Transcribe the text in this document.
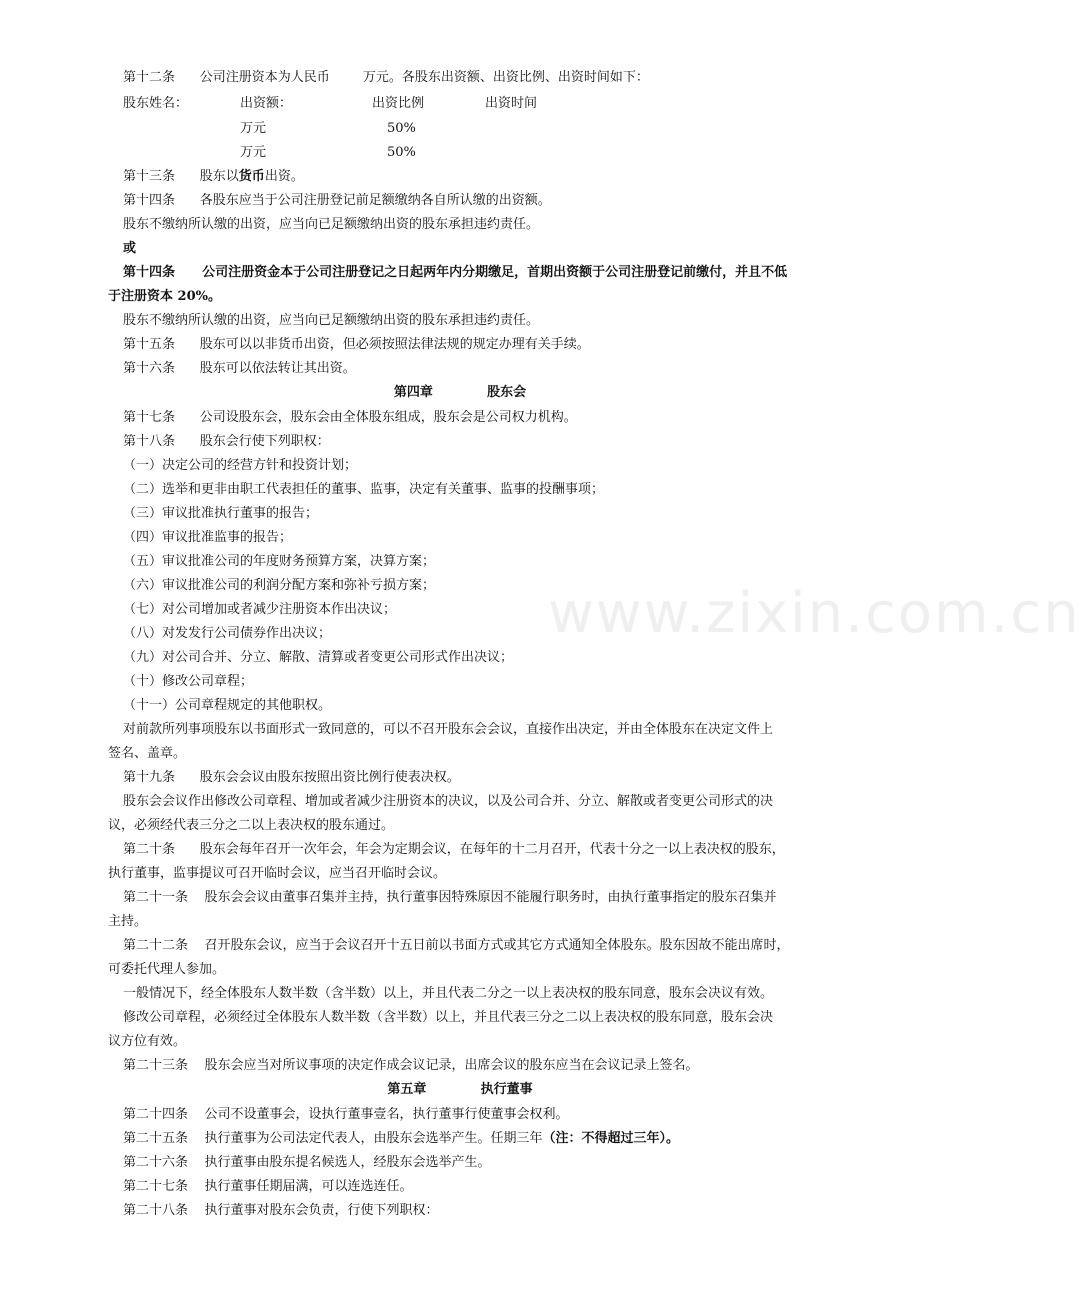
www.zixin.com.cn
第十二条      公司注册资本为人民币        万元。各股东出资额、出资比例、出资时间如下：
股东姓名：	出资额：	出资比例	出资时间
万元	50%
万元	50%
第十三条      股东以货币出资。
第十四条      各股东应当于公司注册登记前足额缴纳各自所认缴的出资额。
股东不缴纳所认缴的出资，应当向已足额缴纳出资的股东承担违约责任。
或
第十四条      公司注册资金本于公司注册登记之日起两年内分期缴足，首期出资额于公司注册登记前缴付，并且不低
于注册资本 20%。
股东不缴纳所认缴的出资，应当向已足额缴纳出资的股东承担违约责任。
第十五条      股东可以以非货币出资，但必须按照法律法规的规定办理有关手续。
第十六条      股东可以依法转让其出资。
第四章            股东会
第十七条      公司设股东会，股东会由全体股东组成，股东会是公司权力机构。
第十八条      股东会行使下列职权：
（一）决定公司的经营方针和投资计划；
（二）选举和更非由职工代表担任的董事、监事，决定有关董事、监事的投酬事项；
（三）审议批准执行董事的报告；
（四）审议批准监事的报告；
（五）审议批准公司的年度财务预算方案，决算方案；
（六）审议批准公司的利润分配方案和弥补亏损方案；
（七）对公司增加或者减少注册资本作出决议；
（八）对发发行公司债券作出决议；
（九）对公司合并、分立、解散、清算或者变更公司形式作出决议；
（十）修改公司章程；
（十一）公司章程规定的其他职权。
对前款所列事项股东以书面形式一致同意的，可以不召开股东会会议，直接作出决定，并由全体股东在决定文件上
签名、盖章。
第十九条      股东会会议由股东按照出资比例行使表决权。
股东会会议作出修改公司章程、增加或者减少注册资本的决议，以及公司合并、分立、解散或者变更公司形式的决
议，必须经代表三分之二以上表决权的股东通过。
第二十条      股东会每年召开一次年会，年会为定期会议，在每年的十二月召开，代表十分之一以上表决权的股东，
执行董事，监事提议可召开临时会议，应当召开临时会议。
第二十一条    股东会会议由董事召集并主持，执行董事因特殊原因不能履行职务时，由执行董事指定的股东召集并
主持。
第二十二条    召开股东会议，应当于会议召开十五日前以书面方式或其它方式通知全体股东。股东因故不能出席时，
可委托代理人参加。
一般情况下，经全体股东人数半数（含半数）以上，并且代表二分之一以上表决权的股东同意，股东会决议有效。
修改公司章程，必须经过全体股东人数半数（含半数）以上，并且代表三分之二以上表决权的股东同意，股东会决
议方位有效。
第二十三条    股东会应当对所议事项的决定作成会议记录，出席会议的股东应当在会议记录上签名。
第五章            执行董事
第二十四条    公司不设董事会，设执行董事壹名，执行董事行使董事会权利。
第二十五条    执行董事为公司法定代表人，由股东会选举产生。任期三年（注：不得超过三年）。
第二十六条    执行董事由股东提名候选人，经股东会选举产生。
第二十七条    执行董事任期届满，可以连选连任。
第二十八条    执行董事对股东会负责，行使下列职权：
